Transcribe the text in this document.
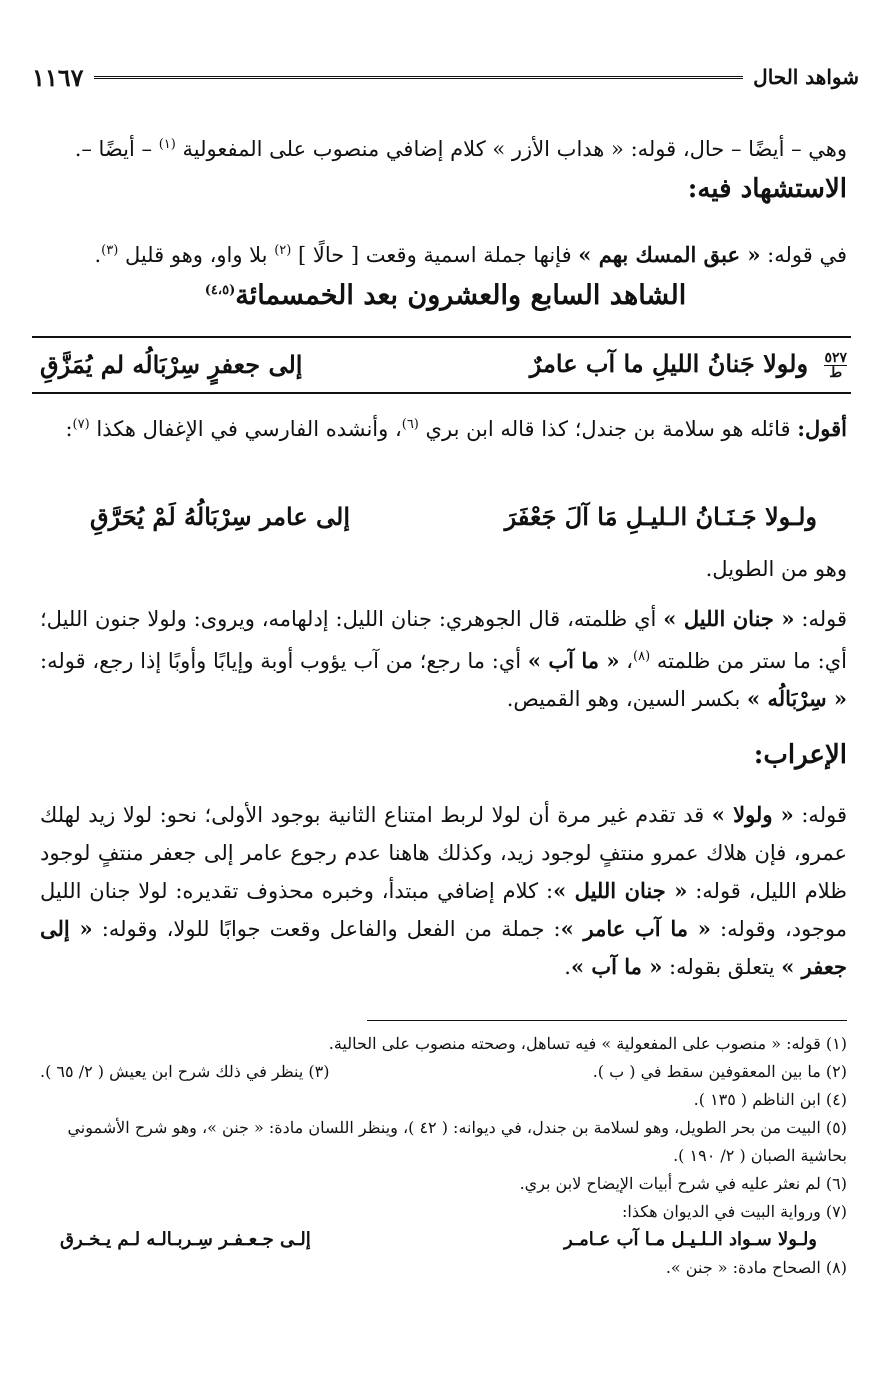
شواهد الحال
١١٦٧
وهي – أيضًا – حال، قوله: « هداب الأزر » كلام إضافي منصوب على المفعولية $^{(١)}$ – أيضًا –.
الاستشهاد فيه:
في قوله: « عبق المسك بهم » فإنها جملة اسمية وقعت [ حالًا ] $^{(٢)}$ بلا واو، وهو قليل $^{(٣)}$.
الشاهد السابع والعشرون بعد الخمسمائة$^{(٤،٥)}$
٥٢٧
ط ولولا جَنانُ الليلِ ما آب عامرٌ
إلى جعفرٍ سِرْبَالُه لم يُمَزَّقِ
أقول: قائله هو سلامة بن جندل؛ كذا قاله ابن بري $^{(٦)}$، وأنشده الفارسي في الإغفال هكذا $^{(٧)}$:
ولـولا جَـنَـانُ الـليـلِ مَا آلَ جَعْفَرَ
إلى عامر سِرْبَالُهُ لَمْ يُحَرَّقِ
وهو من الطويل.
قوله: « جنان الليل » أي ظلمته، قال الجوهري: جنان الليل: إدلهامه، ويروى: ولولا جنون الليل؛ أي: ما ستر من ظلمته $^{(٨)}$، « ما آب » أي: ما رجع؛ من آب يؤوب أوبة وإيابًا وأوبًا إذا رجع، قوله: « سِرْبَالُه » بكسر السين، وهو القميص.
الإعراب:
قوله: « ولولا » قد تقدم غير مرة أن لولا لربط امتناع الثانية بوجود الأولى؛ نحو: لولا زيد لهلك عمرو، فإن هلاك عمرو منتفٍ لوجود زيد، وكذلك هاهنا عدم رجوع عامر إلى جعفر منتفٍ لوجود ظلام الليل، قوله: « جنان الليل »: كلام إضافي مبتدأ، وخبره محذوف تقديره: لولا جنان الليل موجود، وقوله: « ما آب عامر »: جملة من الفعل والفاعل وقعت جوابًا للولا، وقوله: « إلى جعفر » يتعلق بقوله: « ما آب ».
(١) قوله: « منصوب على المفعولية » فيه تساهل، وصحته منصوب على الحالية.
(٢) ما بين المعقوفين سقط في ( ب ).
(٣) ينظر في ذلك شرح ابن يعيش ( ٢/ ٦٥ ).
(٤) ابن الناظم ( ١٣٥ ).
(٥) البيت من بحر الطويل، وهو لسلامة بن جندل، في ديوانه: ( ٤٢ )، وينظر اللسان مادة: « جنن »، وهو شرح الأشموني بحاشية الصبان ( ٢/ ١٩٠ ).
(٦) لم نعثر عليه في شرح أبيات الإيضاح لابن بري.
(٧) ورواية البيت في الديوان هكذا:
ولـولا سـواد الـلـيـل مـا آب عـامـر
إلـى جـعـفـر سِـربـالـه لـم يـخـرق
(٨) الصحاح مادة: « جنن ».
